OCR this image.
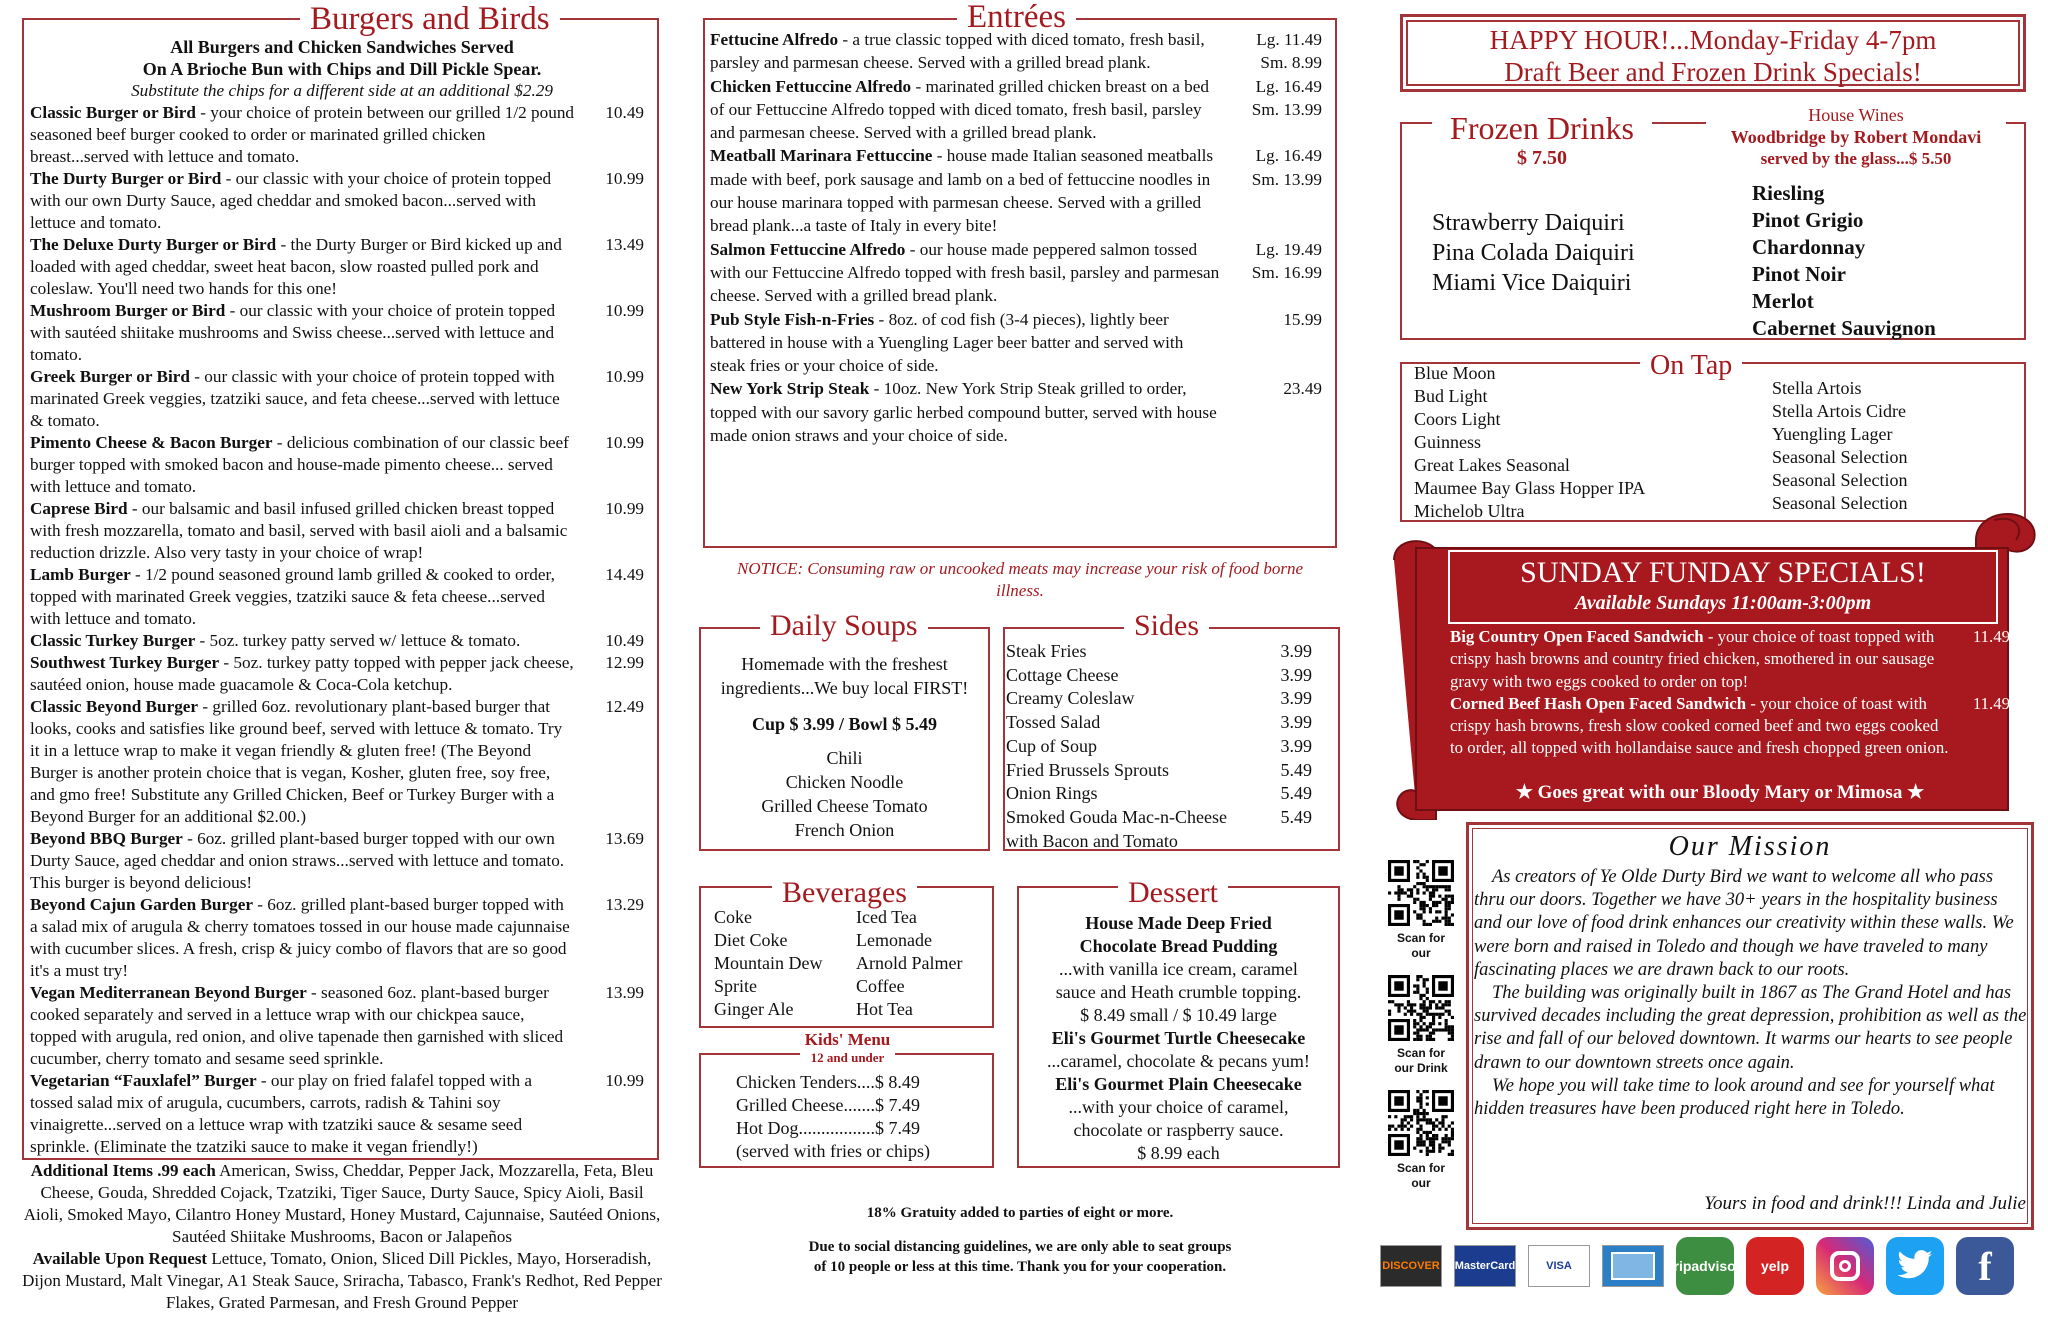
Burgers and Birds
All Burgers and Chicken Sandwiches Served
On A Brioche Bun with Chips and Dill Pickle Spear.
Substitute the chips for a different side at an additional $2.29
Classic Burger or Bird - your choice of protein between our grilled 1/2 pound seasoned beef burger cooked to order or marinated grilled chicken breast...served with lettuce and tomato.
10.49
The Durty Burger or Bird - our classic with your choice of protein topped with our own Durty Sauce, aged cheddar and smoked bacon...served with lettuce and tomato.
10.99
The Deluxe Durty Burger or Bird - the Durty Burger or Bird kicked up and loaded with aged cheddar, sweet heat bacon, slow roasted pulled pork and coleslaw. You'll need two hands for this one!
13.49
Mushroom Burger or Bird - our classic with your choice of protein topped with sautéed shiitake mushrooms and Swiss cheese...served with lettuce and tomato.
10.99
Greek Burger or Bird - our classic with your choice of protein topped with marinated Greek veggies, tzatziki sauce, and feta cheese...served with lettuce & tomato.
10.99
Pimento Cheese & Bacon Burger - delicious combination of our classic beef burger topped with smoked bacon and house-made pimento cheese... served with lettuce and tomato.
10.99
Caprese Bird - our balsamic and basil infused grilled chicken breast topped with fresh mozzarella, tomato and basil, served with basil aioli and a balsamic reduction drizzle. Also very tasty in your choice of wrap!
10.99
Lamb Burger - 1/2 pound seasoned ground lamb grilled & cooked to order, topped with marinated Greek veggies, tzatziki sauce & feta cheese...served with lettuce and tomato.
14.49
Classic Turkey Burger - 5oz. turkey patty served w/ lettuce & tomato.	10.49
Southwest Turkey Burger - 5oz. turkey patty topped with pepper jack cheese, sautéed onion, house made guacamole & Coca-Cola ketchup.
12.99
Classic Beyond Burger - grilled 6oz. revolutionary plant-based burger that looks, cooks and satisfies like ground beef, served with lettuce & tomato. Try it in a lettuce wrap to make it vegan friendly & gluten free! (The Beyond Burger is another protein choice that is vegan, Kosher, gluten free, soy free, and gmo free! Substitute any Grilled Chicken, Beef or Turkey Burger with a Beyond Burger for an additional $2.00.)
12.49
Beyond BBQ Burger - 6oz. grilled plant-based burger topped with our own Durty Sauce, aged cheddar and onion straws...served with lettuce and tomato. This burger is beyond delicious!
13.69
Beyond Cajun Garden Burger - 6oz. grilled plant-based burger topped with a salad mix of arugula & cherry tomatoes tossed in our house made cajunnaise with cucumber slices. A fresh, crisp & juicy combo of flavors that are so good it's a must try!
13.29
Vegan Mediterranean Beyond Burger - seasoned 6oz. plant-based burger cooked separately and served in a lettuce wrap with our chickpea sauce, topped with arugula, red onion, and olive tapenade then garnished with sliced cucumber, cherry tomato and sesame seed sprinkle.
13.99
Vegetarian “Fauxlafel” Burger - our play on fried falafel topped with a tossed salad mix of arugula, cucumbers, carrots, radish & Tahini soy vinaigrette...served on a lettuce wrap with tzatziki sauce & sesame seed sprinkle. (Eliminate the tzatziki sauce to make it vegan friendly!)
10.99
Additional Items .99 each American, Swiss, Cheddar, Pepper Jack, Mozzarella, Feta, Bleu Cheese, Gouda, Shredded Cojack, Tzatziki, Tiger Sauce, Durty Sauce, Spicy Aioli, Basil Aioli, Smoked Mayo, Cilantro Honey Mustard, Honey Mustard, Cajunnaise, Sautéed Onions, Sautéed Shiitake Mushrooms, Bacon or Jalapeños
Available Upon Request Lettuce, Tomato, Onion, Sliced Dill Pickles, Mayo, Horseradish, Dijon Mustard, Malt Vinegar, A1 Steak Sauce, Sriracha, Tabasco, Frank's Redhot, Red Pepper Flakes, Grated Parmesan, and Fresh Ground Pepper
Entrées
Fettucine Alfredo - a true classic topped with diced tomato, fresh basil, parsley and parmesan cheese. Served with a grilled bread plank.
Lg. 11.49
Sm. 8.99
Chicken Fettuccine Alfredo - marinated grilled chicken breast on a bed of our Fettuccine Alfredo topped with diced tomato, fresh basil, parsley and parmesan cheese. Served with a grilled bread plank.
Lg. 16.49
Sm. 13.99
Meatball Marinara Fettuccine - house made Italian seasoned meatballs made with beef, pork sausage and lamb on a bed of fettuccine noodles in our house marinara topped with parmesan cheese. Served with a grilled bread plank...a taste of Italy in every bite!
Lg. 16.49
Sm. 13.99
Salmon Fettuccine Alfredo - our house made peppered salmon tossed with our Fettuccine Alfredo topped with fresh basil, parsley and parmesan cheese. Served with a grilled bread plank.
Lg. 19.49
Sm. 16.99
Pub Style Fish-n-Fries - 8oz. of cod fish (3-4 pieces), lightly beer battered in house with a Yuengling Lager beer batter and served with steak fries or your choice of side.
15.99
New York Strip Steak - 10oz. New York Strip Steak grilled to order, topped with our savory garlic herbed compound butter, served with house made onion straws and your choice of side.
23.49
NOTICE: Consuming raw or uncooked meats may increase your risk of food borne illness.
Daily Soups
Homemade with the freshest ingredients...We buy local FIRST!
Cup $ 3.99 / Bowl $ 5.49
Chili
Chicken Noodle
Grilled Cheese Tomato
French Onion
Sides
Steak Fries	3.99
Cottage Cheese	3.99
Creamy Coleslaw	3.99
Tossed Salad	3.99
Cup of Soup	3.99
Fried Brussels Sprouts	5.49
Onion Rings	5.49
Smoked Gouda Mac-n-Cheese	5.49
with Bacon and Tomato
Beverages
Coke
Diet Coke
Mountain Dew
Sprite
Ginger Ale
Iced Tea
Lemonade
Arnold Palmer
Coffee
Hot Tea
Kids' Menu
12 and under
Chicken Tenders....$ 8.49
Grilled Cheese.......$ 7.49
Hot Dog.................$ 7.49
(served with fries or chips)
Dessert
House Made Deep Fried
Chocolate Bread Pudding
...with vanilla ice cream, caramel
sauce and Heath crumble topping.
$ 8.49 small / $ 10.49 large
Eli's Gourmet Turtle Cheesecake
...caramel, chocolate & pecans yum!
Eli's Gourmet Plain Cheesecake
...with your choice of caramel,
chocolate or raspberry sauce.
$ 8.99 each
18% Gratuity added to parties of eight or more.
Due to social distancing guidelines, we are only able to seat groups
of 10 people or less at this time. Thank you for your cooperation.
HAPPY HOUR!...Monday-Friday 4-7pm
Draft Beer and Frozen Drink Specials!
Frozen Drinks
$ 7.50
Strawberry Daiquiri
Pina Colada Daiquiri
Miami Vice Daiquiri
House Wines
Woodbridge by Robert Mondavi
served by the glass...$ 5.50
Riesling
Pinot Grigio
Chardonnay
Pinot Noir
Merlot
Cabernet Sauvignon
On Tap
Blue Moon
Bud Light
Coors Light
Guinness
Great Lakes Seasonal
Maumee Bay Glass Hopper IPA
Michelob Ultra
Stella Artois
Stella Artois Cidre
Yuengling Lager
Seasonal Selection
Seasonal Selection
Seasonal Selection
SUNDAY FUNDAY SPECIALS!
Available Sundays 11:00am-3:00pm
Big Country Open Faced Sandwich - your choice of toast topped with crispy hash browns and country fried chicken, smothered in our sausage gravy with two eggs cooked to order on top!
11.49
Corned Beef Hash Open Faced Sandwich - your choice of toast with crispy hash browns, fresh slow cooked corned beef and two eggs cooked to order, all topped with hollandaise sauce and fresh chopped green onion.
11.49
★ Goes great with our Bloody Mary or Mimosa ★
Scan for
our
Scan for
our Drink
Scan for
our
Our Mission
As creators of Ye Olde Durty Bird we want to welcome all who pass thru our doors. Together we have 30+ years in the hospitality business and our love of food drink enhances our creativity within these walls. We were born and raised in Toledo and though we have traveled to many fascinating places we are drawn back to our roots.
The building was originally built in 1867 as The Grand Hotel and has survived decades including the great depression, prohibition as well as the rise and fall of our beloved downtown. It warms our hearts to see people drawn to our downtown streets once again.
We hope you will take time to look around and see for yourself what hidden treasures have been produced right here in Toledo.
Yours in food and drink!!! Linda and Julie
DISCOVER MasterCard	VISA	tripadvisor yelp	f
